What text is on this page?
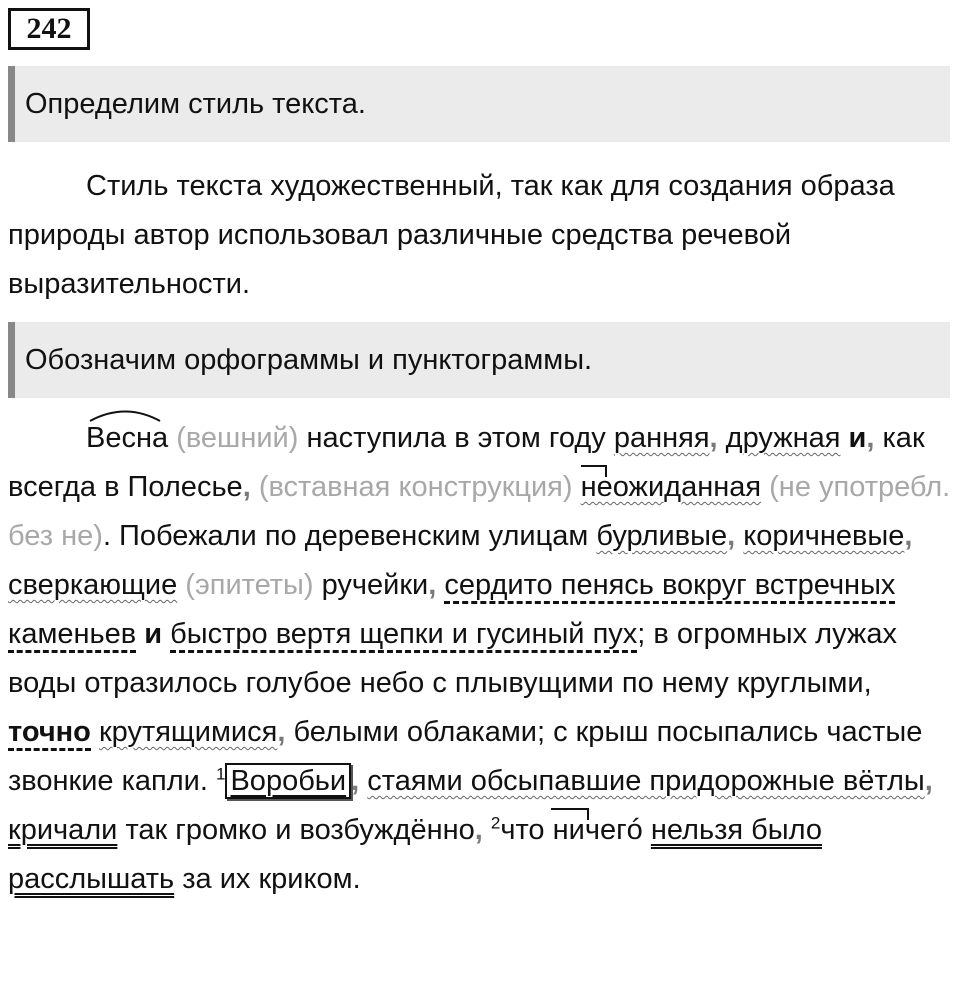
242
Определим стиль текста.

Стиль текста художественный, так как для создания образа природы автор использовал различные средства речевой выразительности.

Обозначим орфограммы и пунктограммы.

Весна (вешний) наступила в этом году ранняя, дружная и, как всегда в Полесье, (вставная конструкция) неожиданная (не употребл. без не). Побежали по деревенским улицам бурливые, коричневые, сверкающие (эпитеты) ручейки, сердито пенясь вокруг встречных каменьев и быстро вертя щепки и гусиный пух; в огромных лужах воды отразилось голубое небо с плывущими по нему круглыми, точно крутящимися, белыми облаками; с крыш посыпались частые звонкие капли. $^1$ Воробьи , стаями обсыпавшие придорожные вётлы, кричали так громко и возбуждённо, $^2$что ничегó нельзя было расслышать за их криком.
